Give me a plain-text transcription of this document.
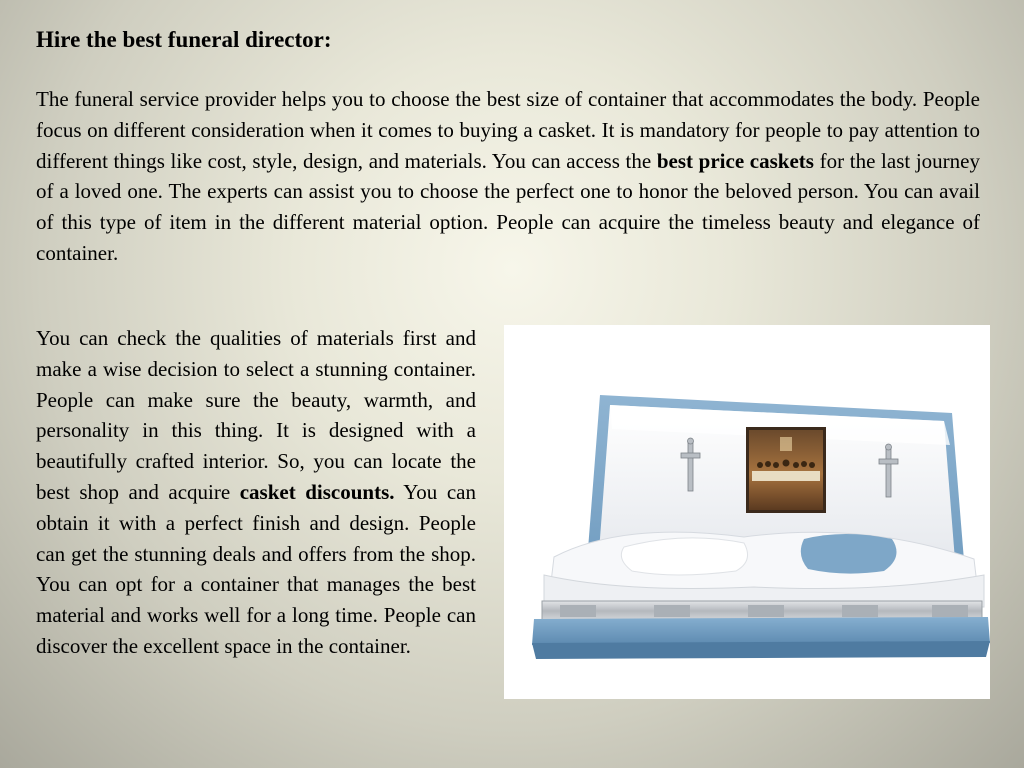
Hire the best funeral director:

The funeral service provider helps you to choose the best size of container that accommodates the body. People focus on different consideration when it comes to buying a casket. It is mandatory for people to pay attention to different things like cost, style, design, and materials. You can access the best price caskets for the last journey of a loved one. The experts can assist you to choose the perfect one to honor the beloved person. You can avail of this type of item in the different material option. People can acquire the timeless beauty and elegance of container.

You can check the qualities of materials first and make a wise decision to select a stunning container. People can make sure the beauty, warmth, and personality in this thing. It is designed with a beautifully crafted interior. So, you can locate the best shop and acquire casket discounts. You can obtain it with a perfect finish and design. People can get the stunning deals and offers from the shop. You can opt for a container that manages the best material and works well for a long time. People can discover the excellent space in the container.
